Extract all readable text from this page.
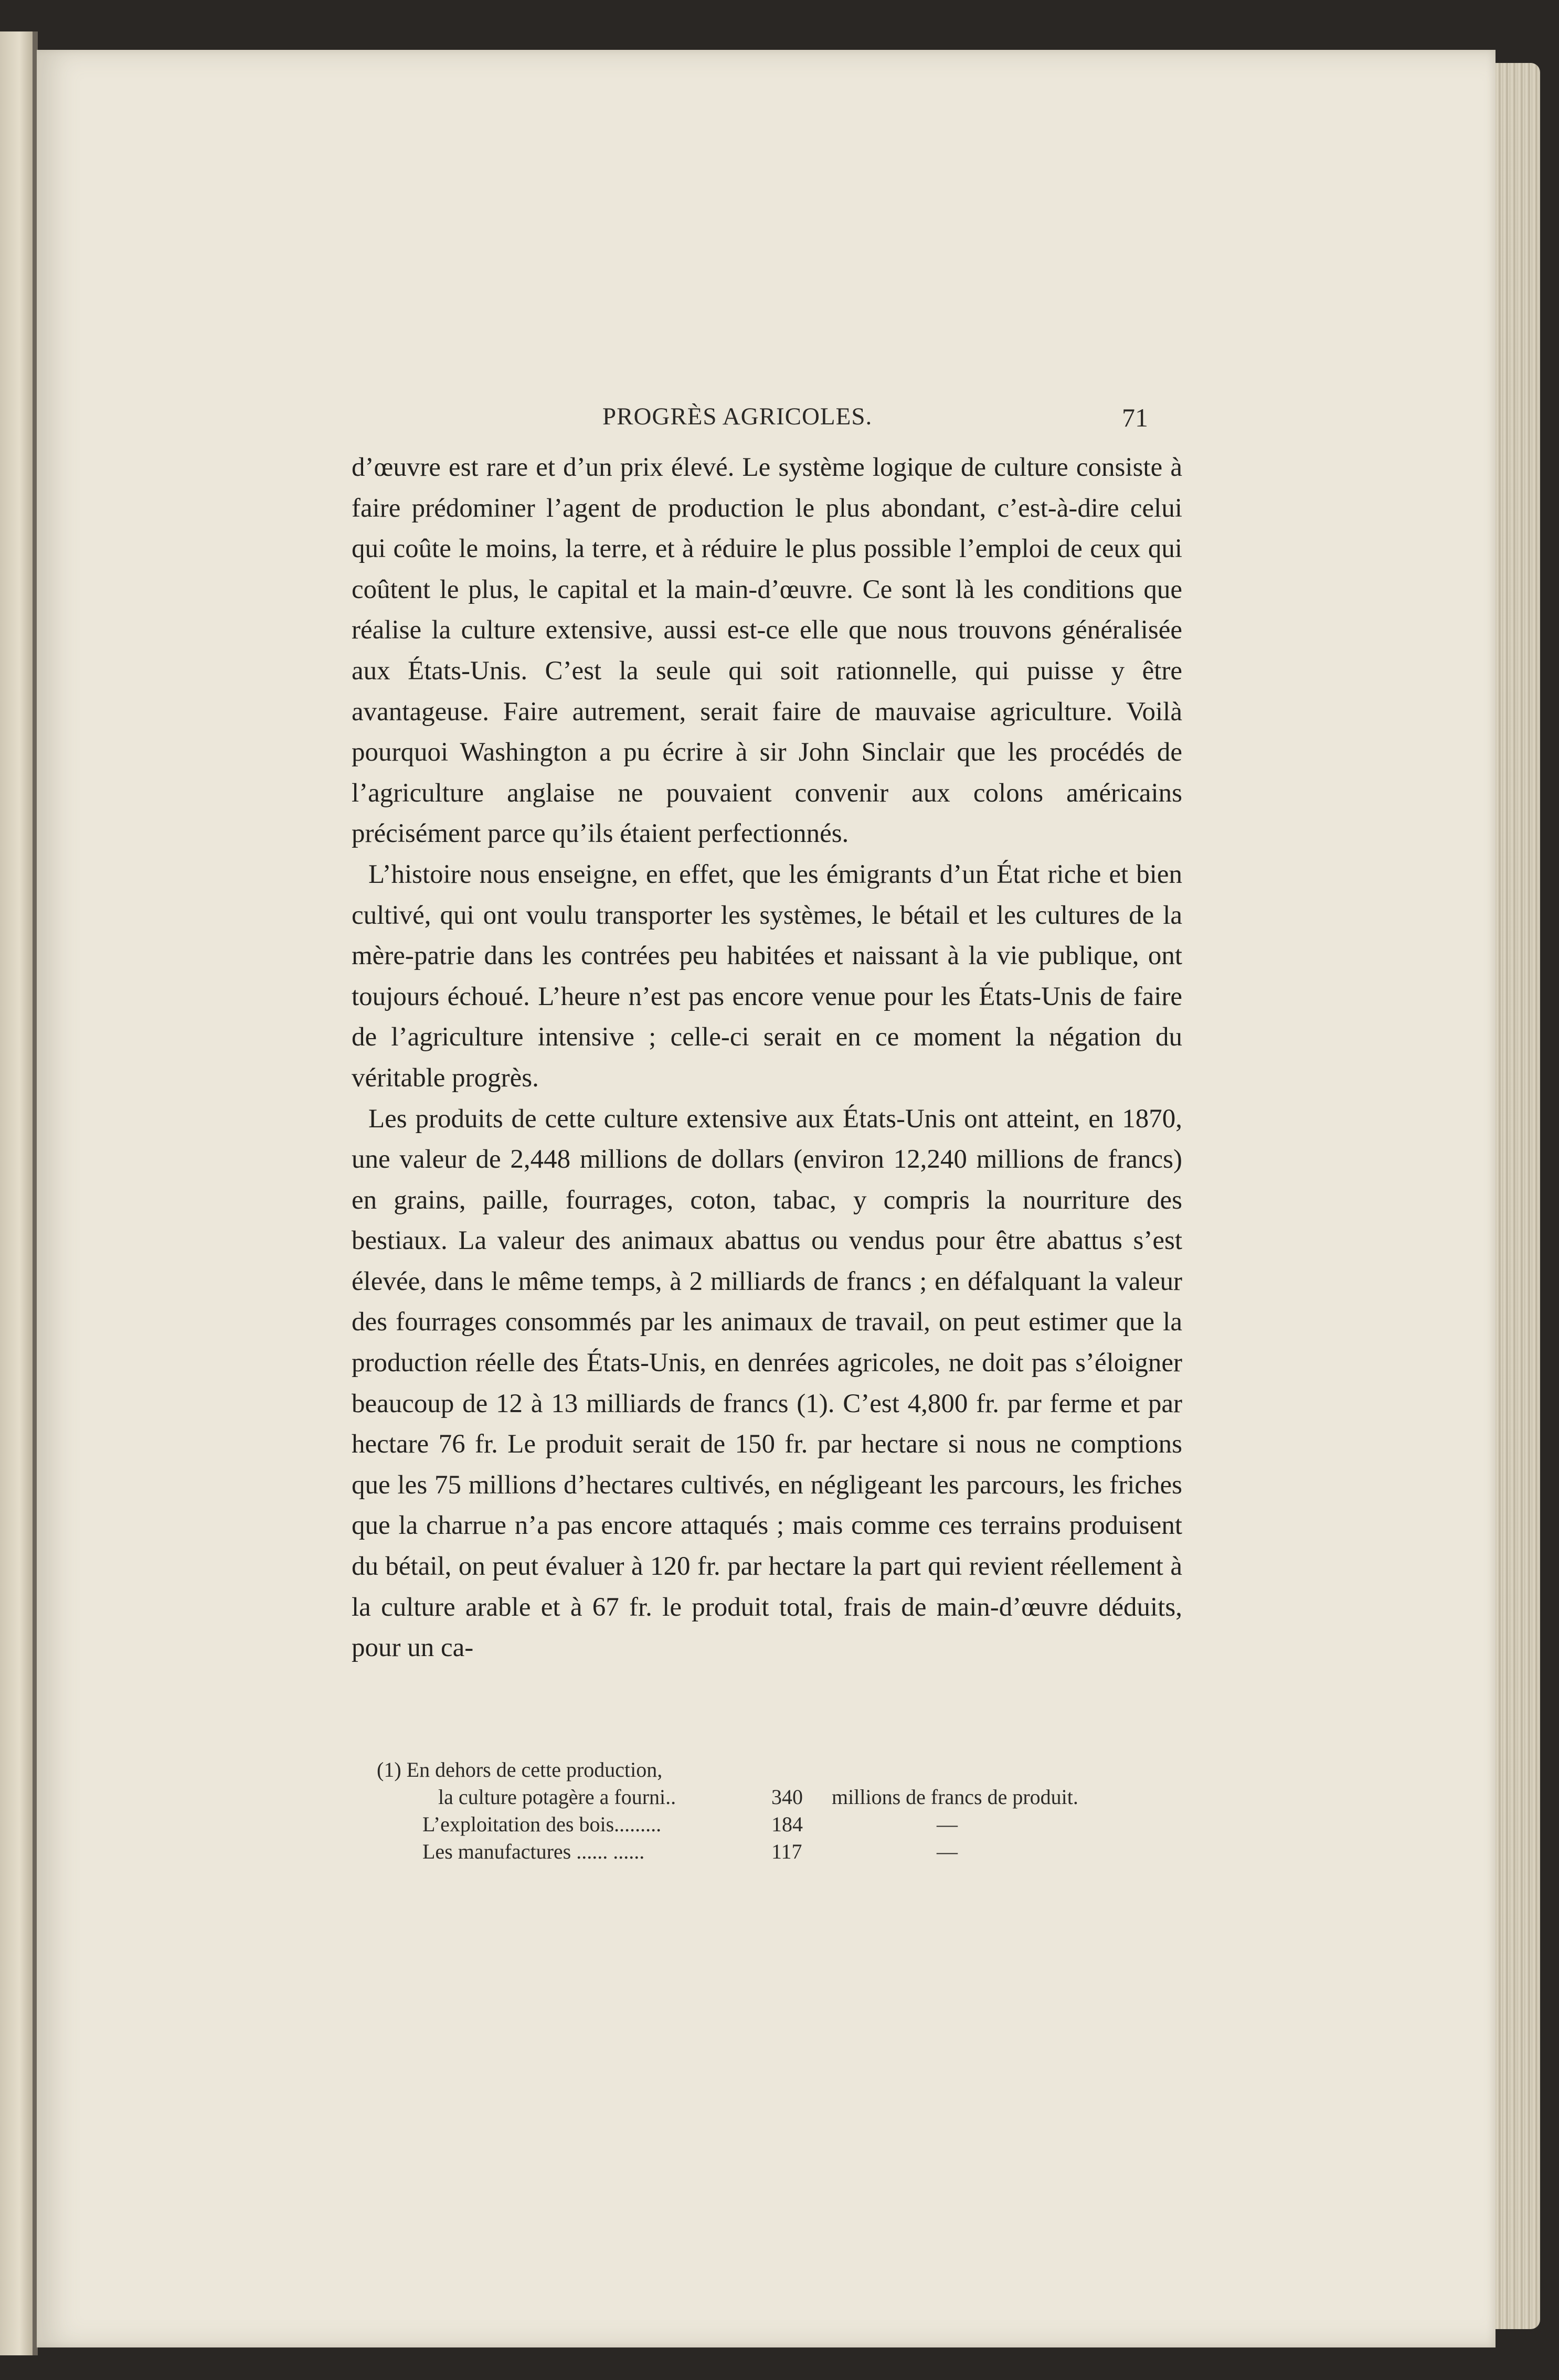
PROGRÈS AGRICOLES.	71

d’œuvre est rare et d’un prix élevé. Le système logique de culture consiste à faire prédominer l’agent de production le plus abondant, c’est-à-dire celui qui coûte le moins, la terre, et à réduire le plus possible l’emploi de ceux qui coûtent le plus, le capital et la main-d’œuvre. Ce sont là les conditions que réalise la culture extensive, aussi est-ce elle que nous trouvons généralisée aux États-Unis. C’est la seule qui soit rationnelle, qui puisse y être avantageuse. Faire autrement, serait faire de mauvaise agriculture. Voilà pourquoi Washington a pu écrire à sir John Sinclair que les procédés de l’agriculture anglaise ne pouvaient convenir aux colons américains précisément parce qu’ils étaient perfectionnés.

L’histoire nous enseigne, en effet, que les émigrants d’un État riche et bien cultivé, qui ont voulu transporter les systèmes, le bétail et les cultures de la mère-patrie dans les contrées peu habitées et naissant à la vie publique, ont toujours échoué. L’heure n’est pas encore venue pour les États-Unis de faire de l’agriculture intensive ; celle-ci serait en ce moment la négation du véritable progrès.

Les produits de cette culture extensive aux États-Unis ont atteint, en 1870, une valeur de 2,448 millions de dollars (environ 12,240 millions de francs) en grains, paille, fourrages, coton, tabac, y compris la nourriture des bestiaux. La valeur des animaux abattus ou vendus pour être abattus s’est élevée, dans le même temps, à 2 milliards de francs ; en défalquant la valeur des fourrages consommés par les animaux de travail, on peut estimer que la production réelle des États-Unis, en denrées agricoles, ne doit pas s’éloigner beaucoup de 12 à 13 milliards de francs (1). C’est 4,800 fr. par ferme et par hectare 76 fr. Le produit serait de 150 fr. par hectare si nous ne comptions que les 75 millions d’hectares cultivés, en négligeant les parcours, les friches que la charrue n’a pas encore attaqués ; mais comme ces terrains produisent du bétail, on peut évaluer à 120 fr. par hectare la part qui revient réellement à la culture arable et à 67 fr. le produit total, frais de main-d’œuvre déduits, pour un ca-

(1) En dehors de cette production,
la culture potagère a fourni..	340 millions de francs de produit.
L’exploitation des bois.........	184	—
Les manufactures ...... ......	117	—
